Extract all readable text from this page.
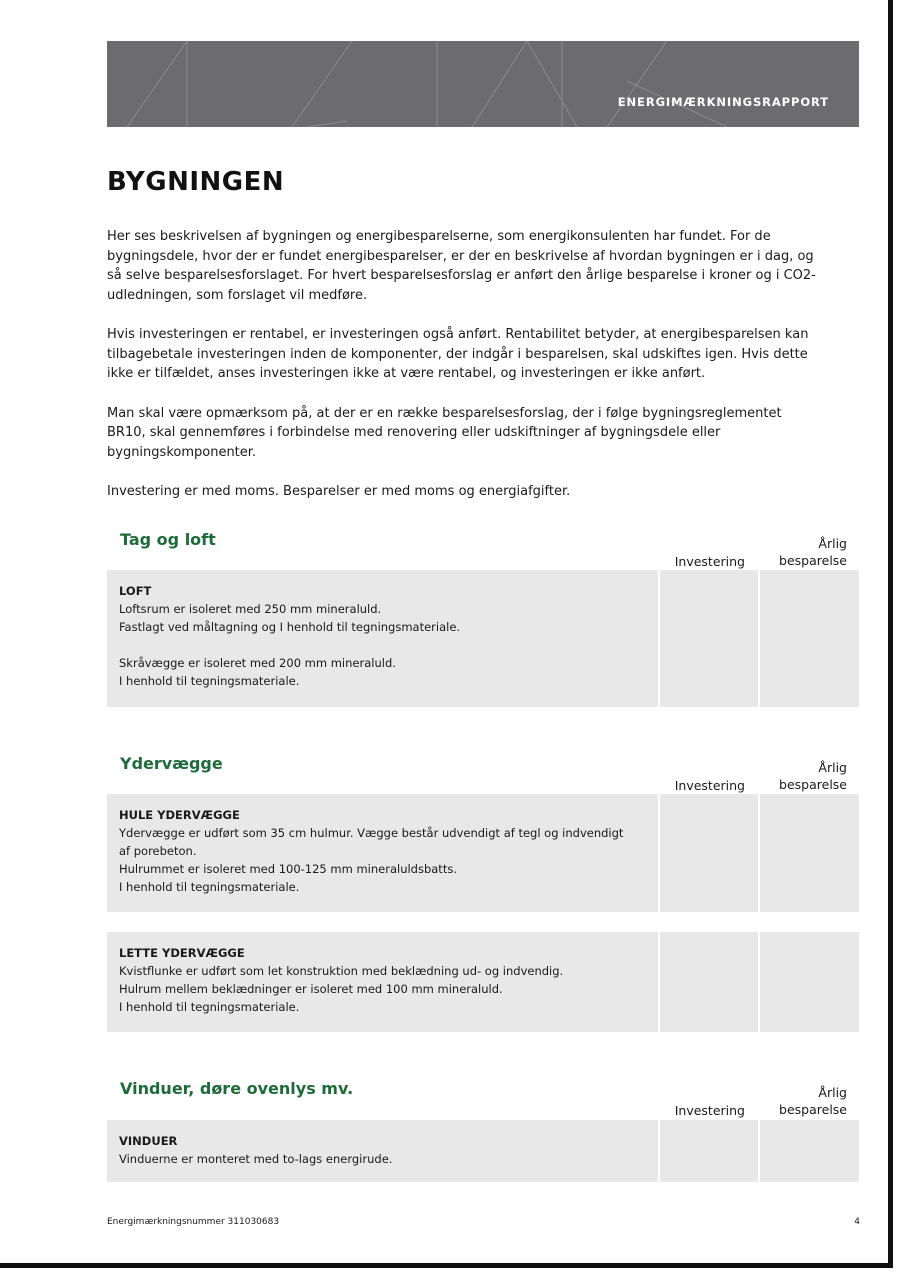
ENERGIMÆRKNINGSRAPPORT
BYGNINGEN

Her ses beskrivelsen af bygningen og energibesparelserne, som energikonsulenten har fundet. For de bygningsdele, hvor der er fundet energibesparelser, er der en beskrivelse af hvordan bygningen er i dag, og så selve besparelsesforslaget. For hvert besparelsesforslag er anført den årlige besparelse i kroner og i CO2-udledningen, som forslaget vil medføre.

Hvis investeringen er rentabel, er investeringen også anført. Rentabilitet betyder, at energibesparelsen kan tilbagebetale investeringen inden de komponenter, der indgår i besparelsen, skal udskiftes igen. Hvis dette ikke er tilfældet, anses investeringen ikke at være rentabel, og investeringen er ikke anført.

Man skal være opmærksom på, at der er en række besparelsesforslag, der i følge bygningsreglementet BR10, skal gennemføres i forbindelse med renovering eller udskiftninger af bygningsdele eller bygningskomponenter.

Investering er med moms. Besparelser er med moms og energiafgifter.

Tag og loft
Investering
Årlig
besparelse
LOFT
Loftsrum er isoleret med 250 mm mineraluld.
Fastlagt ved måltagning og I henhold til tegningsmateriale.
Skråvægge er isoleret med 200 mm mineraluld.
I henhold til tegningsmateriale.
Ydervægge
Investering
Årlig
besparelse
HULE YDERVÆGGE
Ydervægge er udført som 35 cm hulmur. Vægge består udvendigt af tegl og indvendigt
af porebeton.
Hulrummet er isoleret med 100-125 mm mineraluldsbatts.
I henhold til tegningsmateriale.
LETTE YDERVÆGGE
Kvistflunke er udført som let konstruktion med beklædning ud- og indvendig.
Hulrum mellem beklædninger er isoleret med 100 mm mineraluld.
I henhold til tegningsmateriale.
Vinduer, døre ovenlys mv.
Investering
Årlig
besparelse
VINDUER
Vinduerne er monteret med to-lags energirude.
Energimærkningsnummer 311030683	4
